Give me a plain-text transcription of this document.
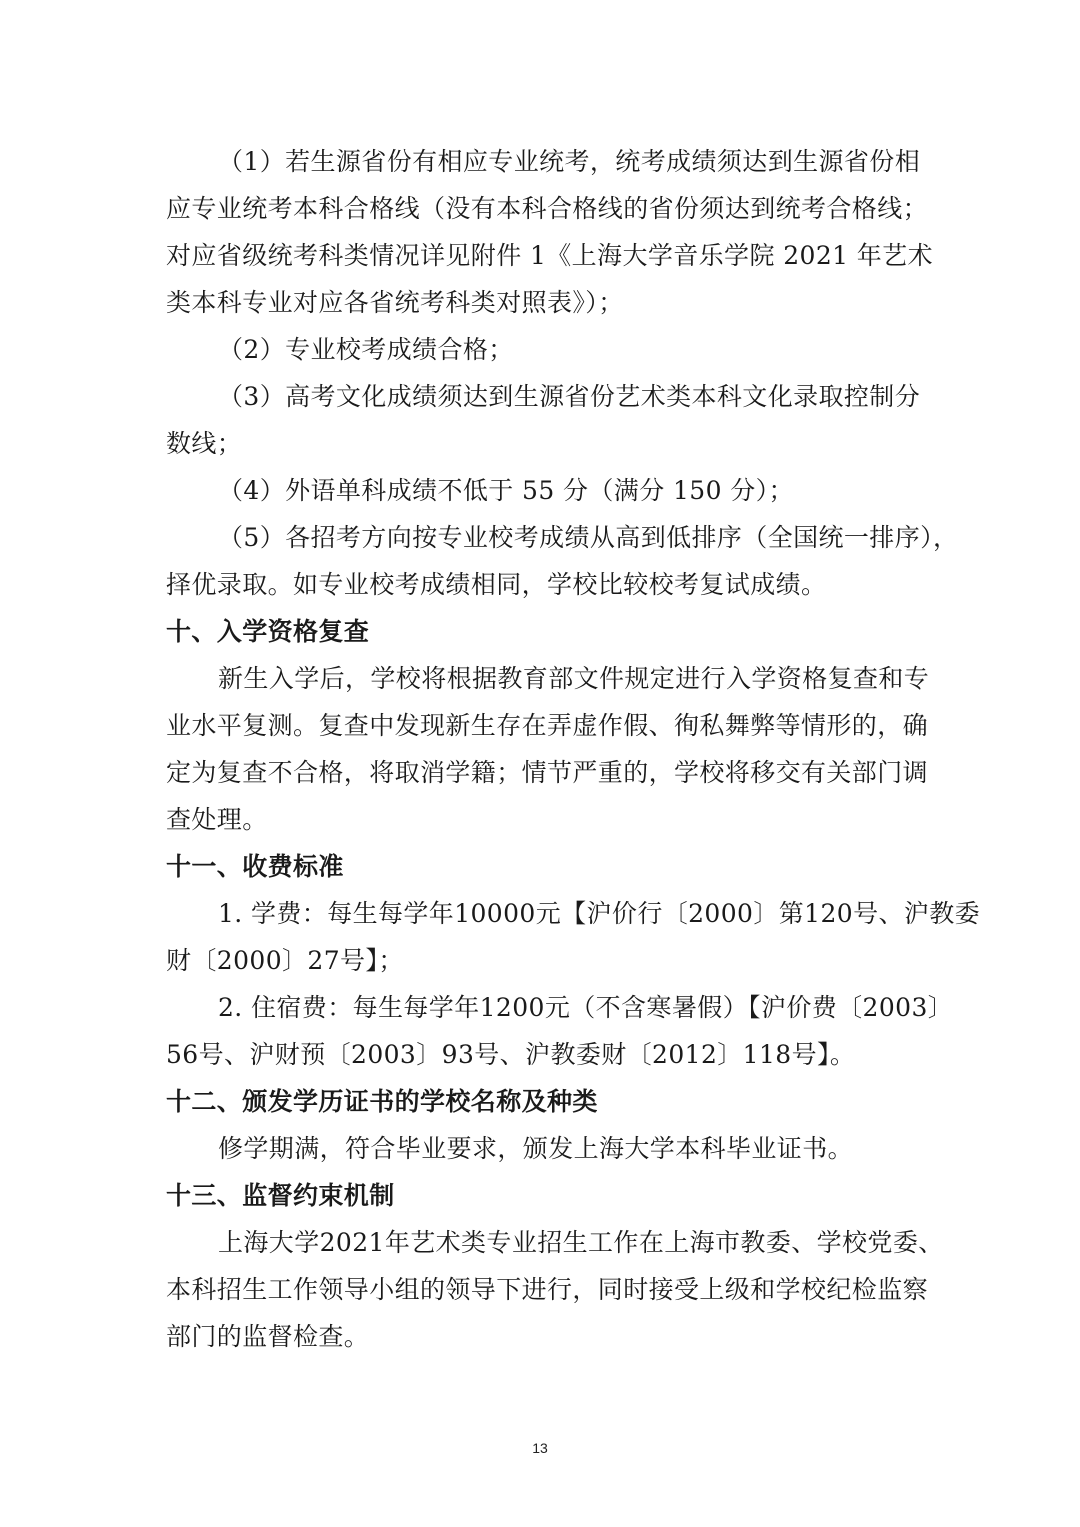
（1）若生源省份有相应专业统考，统考成绩须达到生源省份相
应专业统考本科合格线（没有本科合格线的省份须达到统考合格线；
对应省级统考科类情况详见附件 1《上海大学音乐学院 2021 年艺术
类本科专业对应各省统考科类对照表》）；
（2）专业校考成绩合格；
（3）高考文化成绩须达到生源省份艺术类本科文化录取控制分
数线；
（4）外语单科成绩不低于 55 分（满分 150 分）；
（5）各招考方向按专业校考成绩从高到低排序（全国统一排序），
择优录取。如专业校考成绩相同，学校比较校考复试成绩。
十、入学资格复查
新生入学后，学校将根据教育部文件规定进行入学资格复查和专
业水平复测。复查中发现新生存在弄虚作假、徇私舞弊等情形的，确
定为复查不合格，将取消学籍；情节严重的，学校将移交有关部门调
查处理。
十一、收费标准
1. 学费：每生每学年10000元【沪价行〔2000〕第120号、沪教委
财〔2000〕27号】；
2. 住宿费：每生每学年1200元（不含寒暑假）【沪价费〔2003〕
56号、沪财预〔2003〕93号、沪教委财〔2012〕118号】。
十二、颁发学历证书的学校名称及种类
修学期满，符合毕业要求，颁发上海大学本科毕业证书。
十三、监督约束机制
上海大学2021年艺术类专业招生工作在上海市教委、学校党委、
本科招生工作领导小组的领导下进行，同时接受上级和学校纪检监察
部门的监督检查。
13
